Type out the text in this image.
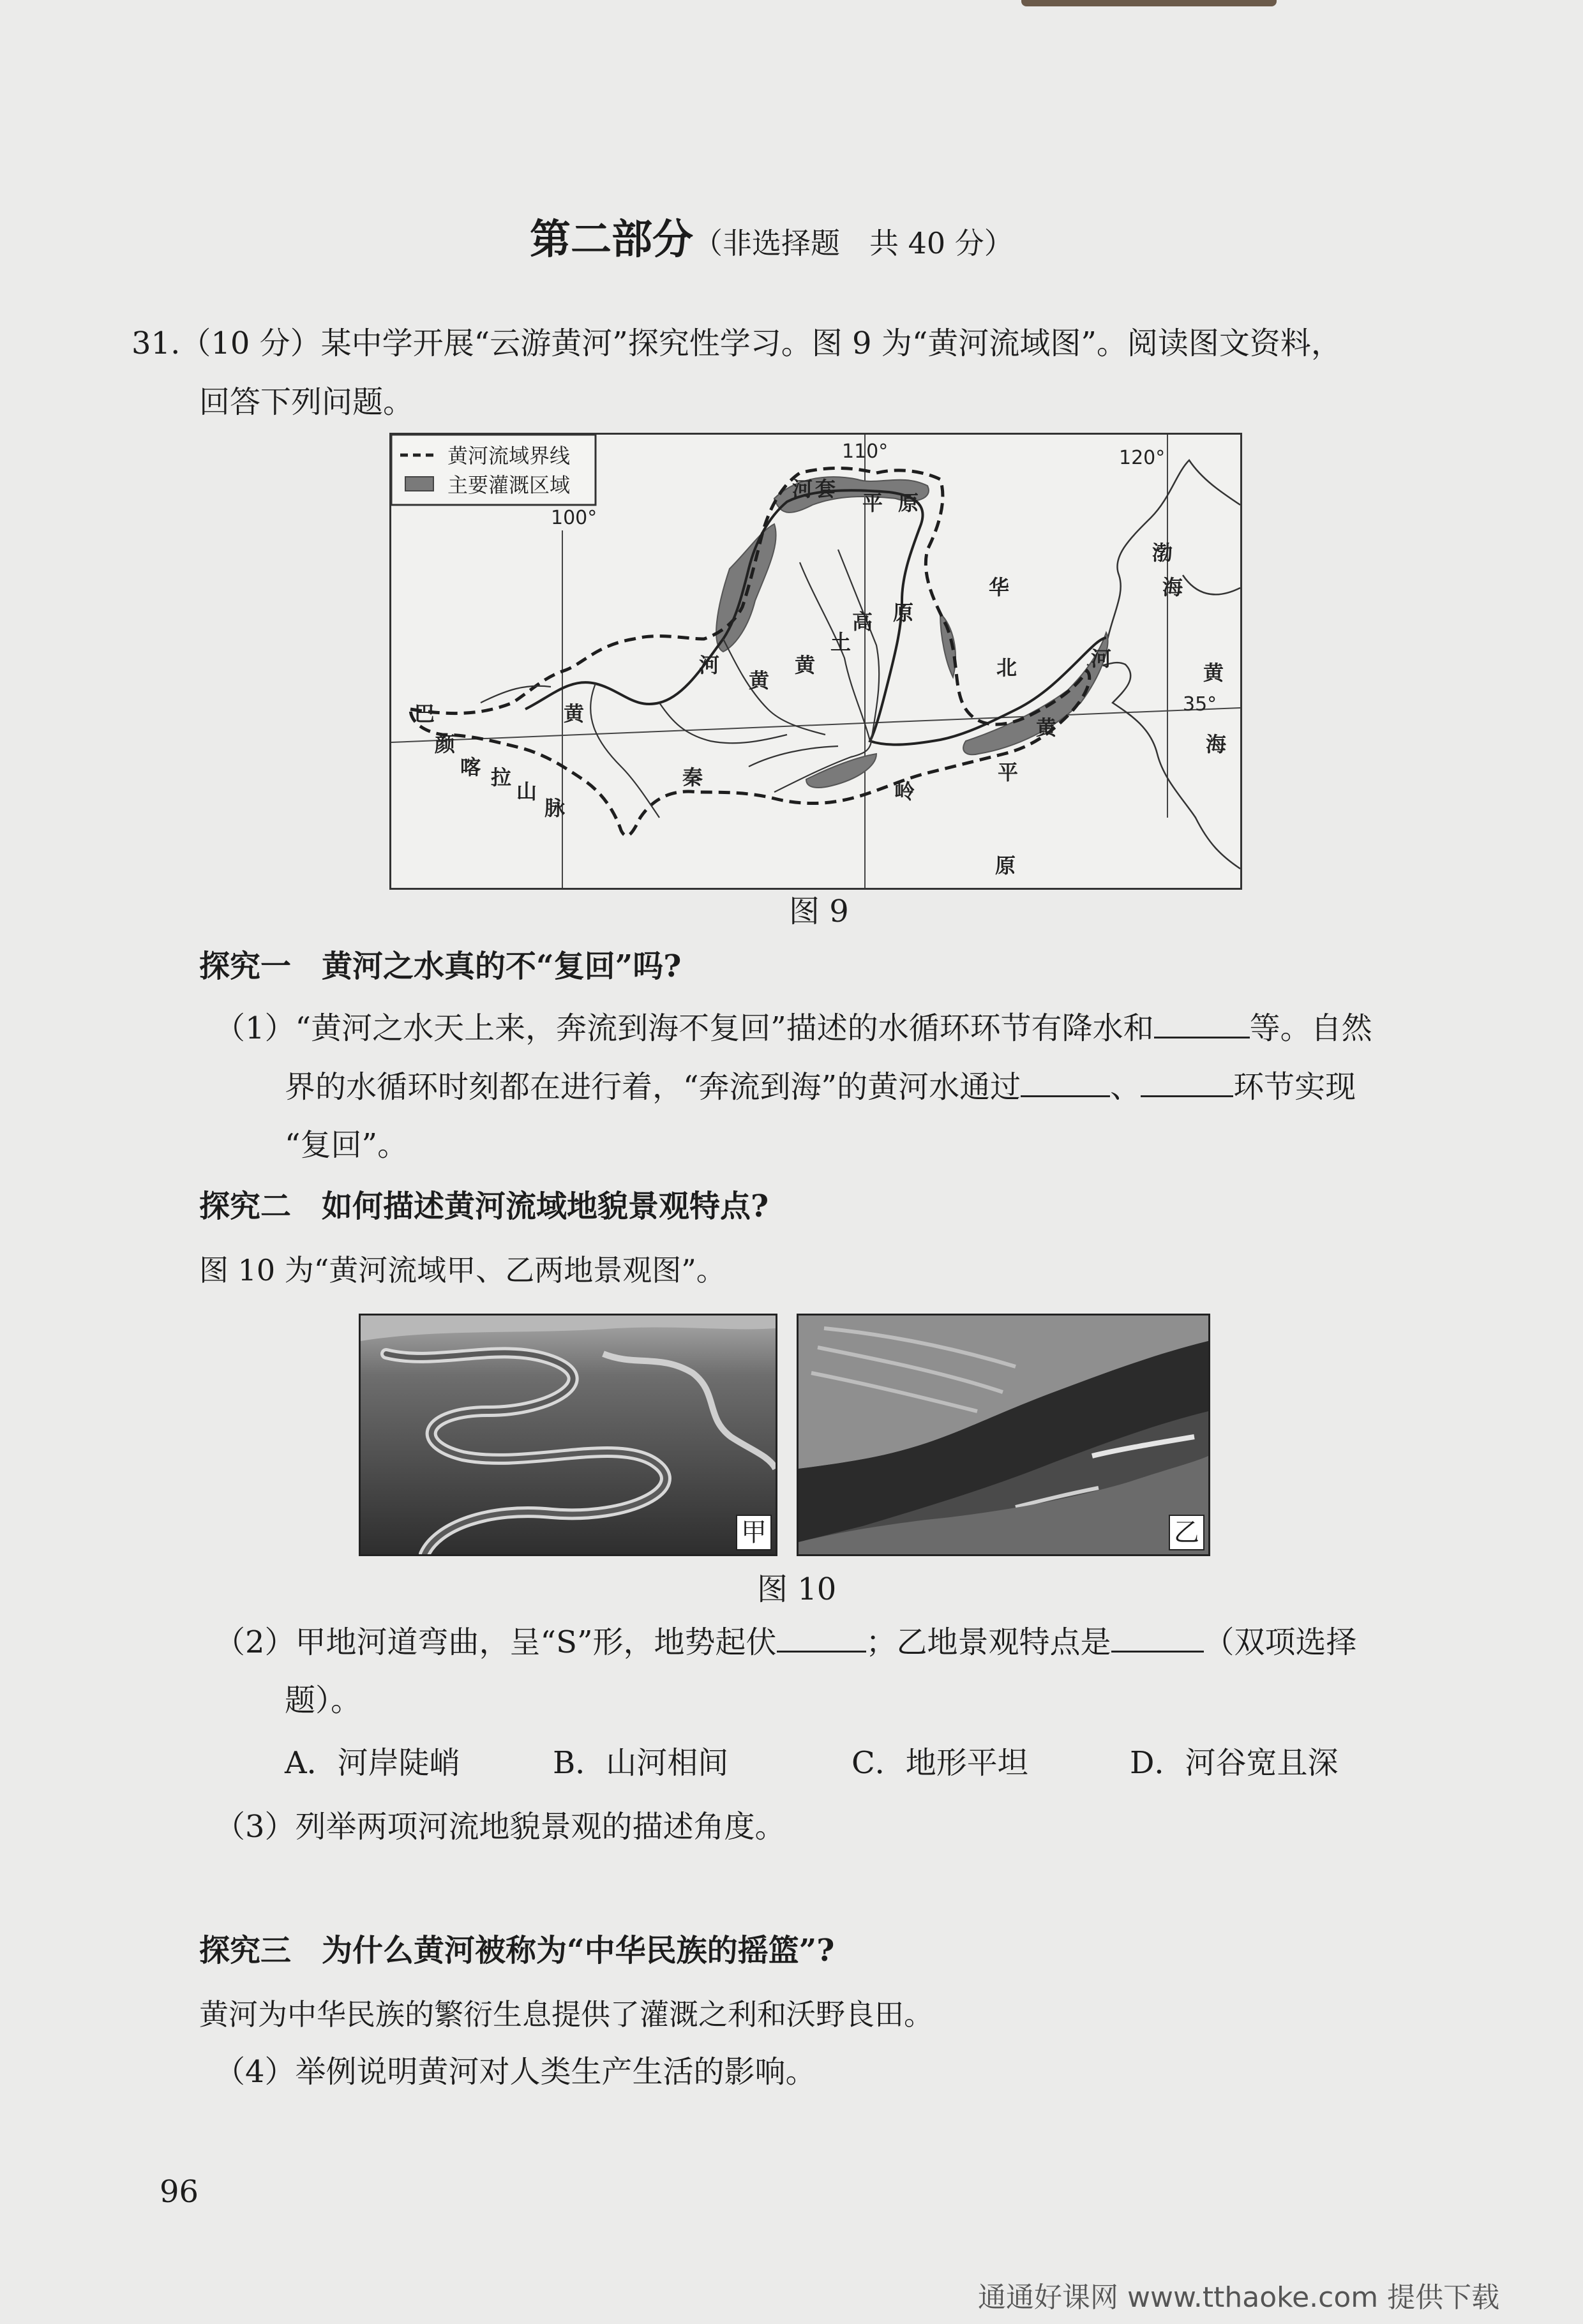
第二部分（非选择题　共 40 分）
31.（10 分）某中学开展“云游黄河”探究性学习。图 9 为“黄河流域图”。阅读图文资料，
回答下列问题。
黄河流域界线
主要灌溉区域
100°
110°	120°
35°
河 套
平 原
华
北
平
原
渤
海
黄
海
河
黄
河
黄
黄
土
高 原
巴
颜
喀 拉
山
脉
黄
秦
岭
图 9
探究一　黄河之水真的不“复回”吗?
（1）“黄河之水天上来，奔流到海不复回”描述的水循环环节有降水和	等。自然
界的水循环时刻都在进行着，“奔流到海”的黄河水通过	、	环节实现
“复回”。
探究二　如何描述黄河流域地貌景观特点?
图 10 为“黄河流域甲、乙两地景观图”。
甲	乙
图 10
（2）甲地河道弯曲，呈“S”形，地势起伏	；乙地景观特点是	（双项选择
题）。
A．河岸陡峭	B．山河相间	C．地形平坦	D．河谷宽且深
（3）列举两项河流地貌景观的描述角度。
探究三　为什么黄河被称为“中华民族的摇篮”?
黄河为中华民族的繁衍生息提供了灌溉之利和沃野良田。
（4）举例说明黄河对人类生产生活的影响。
96
通通好课网 www.tthaoke.com 提供下载
